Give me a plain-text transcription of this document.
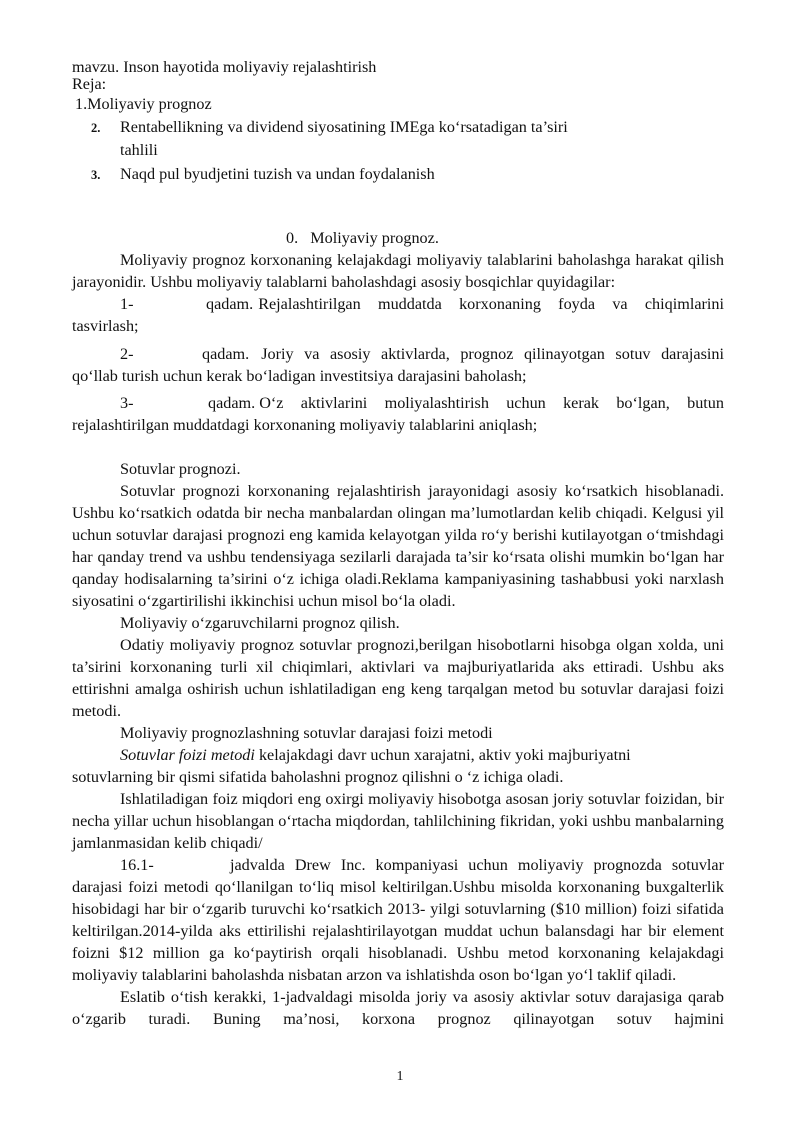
mavzu. Inson hayotida moliyaviy rejalashtirish
Reja:
1.Moliyaviy prognoz
2. Rentabellikning va dividend siyosatining IMEga ko‘rsatadigan ta’siri
tahlili
3. Naqd pul byudjetini tuzish va undan foydalanish
0.   Moliyaviy prognoz.

Moliyaviy prognoz korxonaning kelajakdagi moliyaviy talablarini baholashga harakat qilish jarayonidir. Ushbu moliyaviy talablarni baholashdagi asosiy bosqichlar quyidagilar:

1-	qadam. Rejalashtirilgan muddatda korxonaning foyda va chiqimlarini
tasvirlash;
2-	qadam. Joriy va asosiy aktivlarda, prognoz qilinayotgan sotuv darajasini
qo‘llab turish uchun kerak bo‘ladigan investitsiya darajasini baholash;
3-	qadam. O‘z aktivlarini moliyalashtirish uchun kerak bo‘lgan, butun
rejalashtirilgan muddatdagi korxonaning moliyaviy talablarini aniqlash;

Sotuvlar prognozi.

Sotuvlar prognozi korxonaning rejalashtirish jarayonidagi asosiy ko‘rsatkich hisoblanadi. Ushbu ko‘rsatkich odatda bir necha manbalardan olingan ma’lumotlardan kelib chiqadi. Kelgusi yil uchun sotuvlar darajasi prognozi eng kamida kelayotgan yilda ro‘y berishi kutilayotgan o‘tmishdagi har qanday trend va ushbu tendensiyaga sezilarli darajada ta’sir ko‘rsata olishi mumkin bo‘lgan har qanday hodisalarning ta’sirini o‘z ichiga oladi.Reklama kampaniyasining tashabbusi yoki narxlash siyosatini o‘zgartirilishi ikkinchisi uchun misol bo‘la oladi.

Moliyaviy o‘zgaruvchilarni prognoz qilish.

Odatiy moliyaviy prognoz sotuvlar prognozi,berilgan hisobotlarni hisobga olgan xolda, uni ta’sirini korxonaning turli xil chiqimlari, aktivlari va majburiyatlarida aks ettiradi. Ushbu aks ettirishni amalga oshirish uchun ishlatiladigan eng keng tarqalgan metod bu sotuvlar darajasi foizi metodi.

Moliyaviy prognozlashning sotuvlar darajasi foizi metodi

Sotuvlar foizi metodi kelajakdagi davr uchun xarajatni, aktiv yoki majburiyatni
sotuvlarning bir qismi sifatida baholashni prognoz qilishni o ‘z ichiga oladi.

Ishlatiladigan foiz miqdori eng oxirgi moliyaviy hisobotga asosan joriy sotuvlar foizidan, bir necha yillar uchun hisoblangan o‘rtacha miqdordan, tahlilchining fikridan, yoki ushbu manbalarning jamlanmasidan kelib chiqadi/

16.1-	jadvalda Drew Inc. kompaniyasi uchun moliyaviy prognozda sotuvlar

darajasi foizi metodi qo‘llanilgan to‘liq misol keltirilgan.Ushbu misolda korxonaning buxgalterlik hisobidagi har bir o‘zgarib turuvchi ko‘rsatkich 2013- yilgi sotuvlarning ($10 million) foizi sifatida keltirilgan.2014-yilda aks ettirilishi rejalashtirilayotgan muddat uchun balansdagi har bir element foizni $12 million ga ko‘paytirish orqali hisoblanadi. Ushbu metod korxonaning kelajakdagi moliyaviy talablarini baholashda nisbatan arzon va ishlatishda oson bo‘lgan yo‘l taklif qiladi.

Eslatib o‘tish kerakki, 1-jadvaldagi misolda joriy va asosiy aktivlar sotuv darajasiga qarab o‘zgarib turadi. Buning ma’nosi, korxona prognoz qilinayotgan sotuv hajmini

1
